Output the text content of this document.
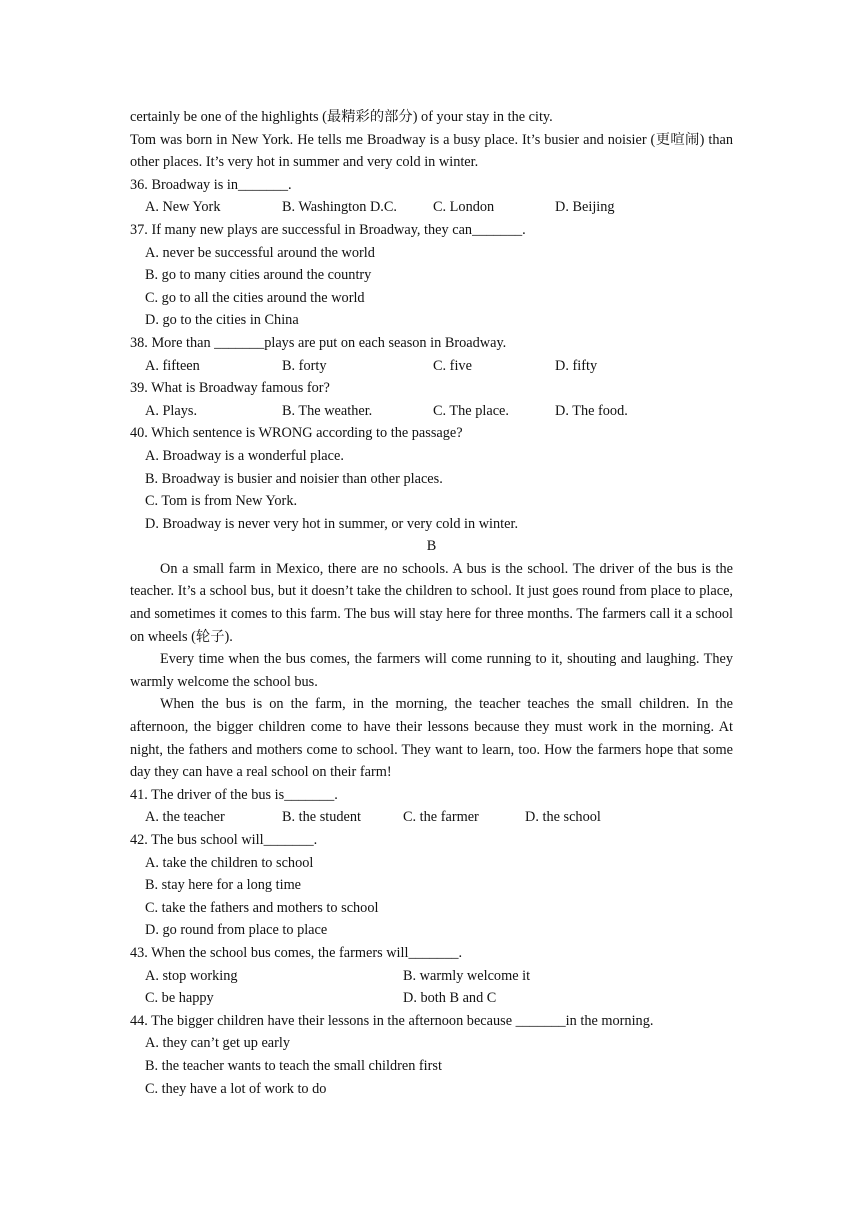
certainly be one of the highlights (最精彩的部分) of your stay in the city.

Tom was born in New York. He tells me Broadway is a busy place. It’s busier and noisier (更喧闹) than other places. It’s very hot in summer and very cold in winter.

36. Broadway is in_______.
A. New York	B. Washington D.C.	C. London	D. Beijing
37. If many new plays are successful in Broadway, they can_______.
A. never be successful around the world
B. go to many cities around the country
C. go to all the cities around the world
D. go to the cities in China
38. More than _______plays are put on each season in Broadway.
A. fifteen	B. forty	C. five	D. fifty
39. What is Broadway famous for?
A. Plays.	B. The weather.	C. The place.	D. The food.
40. Which sentence is WRONG according to the passage?
A. Broadway is a wonderful place.
B. Broadway is busier and noisier than other places.
C. Tom is from New York.
D. Broadway is never very hot in summer, or very cold in winter.
B

On a small farm in Mexico, there are no schools. A bus is the school. The driver of the bus is the teacher. It’s a school bus, but it doesn’t take the children to school. It just goes round from place to place, and sometimes it comes to this farm. The bus will stay here for three months. The farmers call it a school on wheels (轮子).

Every time when the bus comes, the farmers will come running to it, shouting and laughing. They warmly welcome the school bus.

When the bus is on the farm, in the morning, the teacher teaches the small children. In the afternoon, the bigger children come to have their lessons because they must work in the morning. At night, the fathers and mothers come to school. They want to learn, too. How the farmers hope that some day they can have a real school on their farm!

41. The driver of the bus is_______.
A. the teacher	B. the student	C. the farmer	D. the school
42. The bus school will_______.
A. take the children to school
B. stay here for a long time
C. take the fathers and mothers to school
D. go round from place to place
43. When the school bus comes, the farmers will_______.
A. stop working	B. warmly welcome it
C. be happy	D. both B and C
44. The bigger children have their lessons in the afternoon because _______in the morning.
A. they can’t get up early
B. the teacher wants to teach the small children first
C. they have a lot of work to do
